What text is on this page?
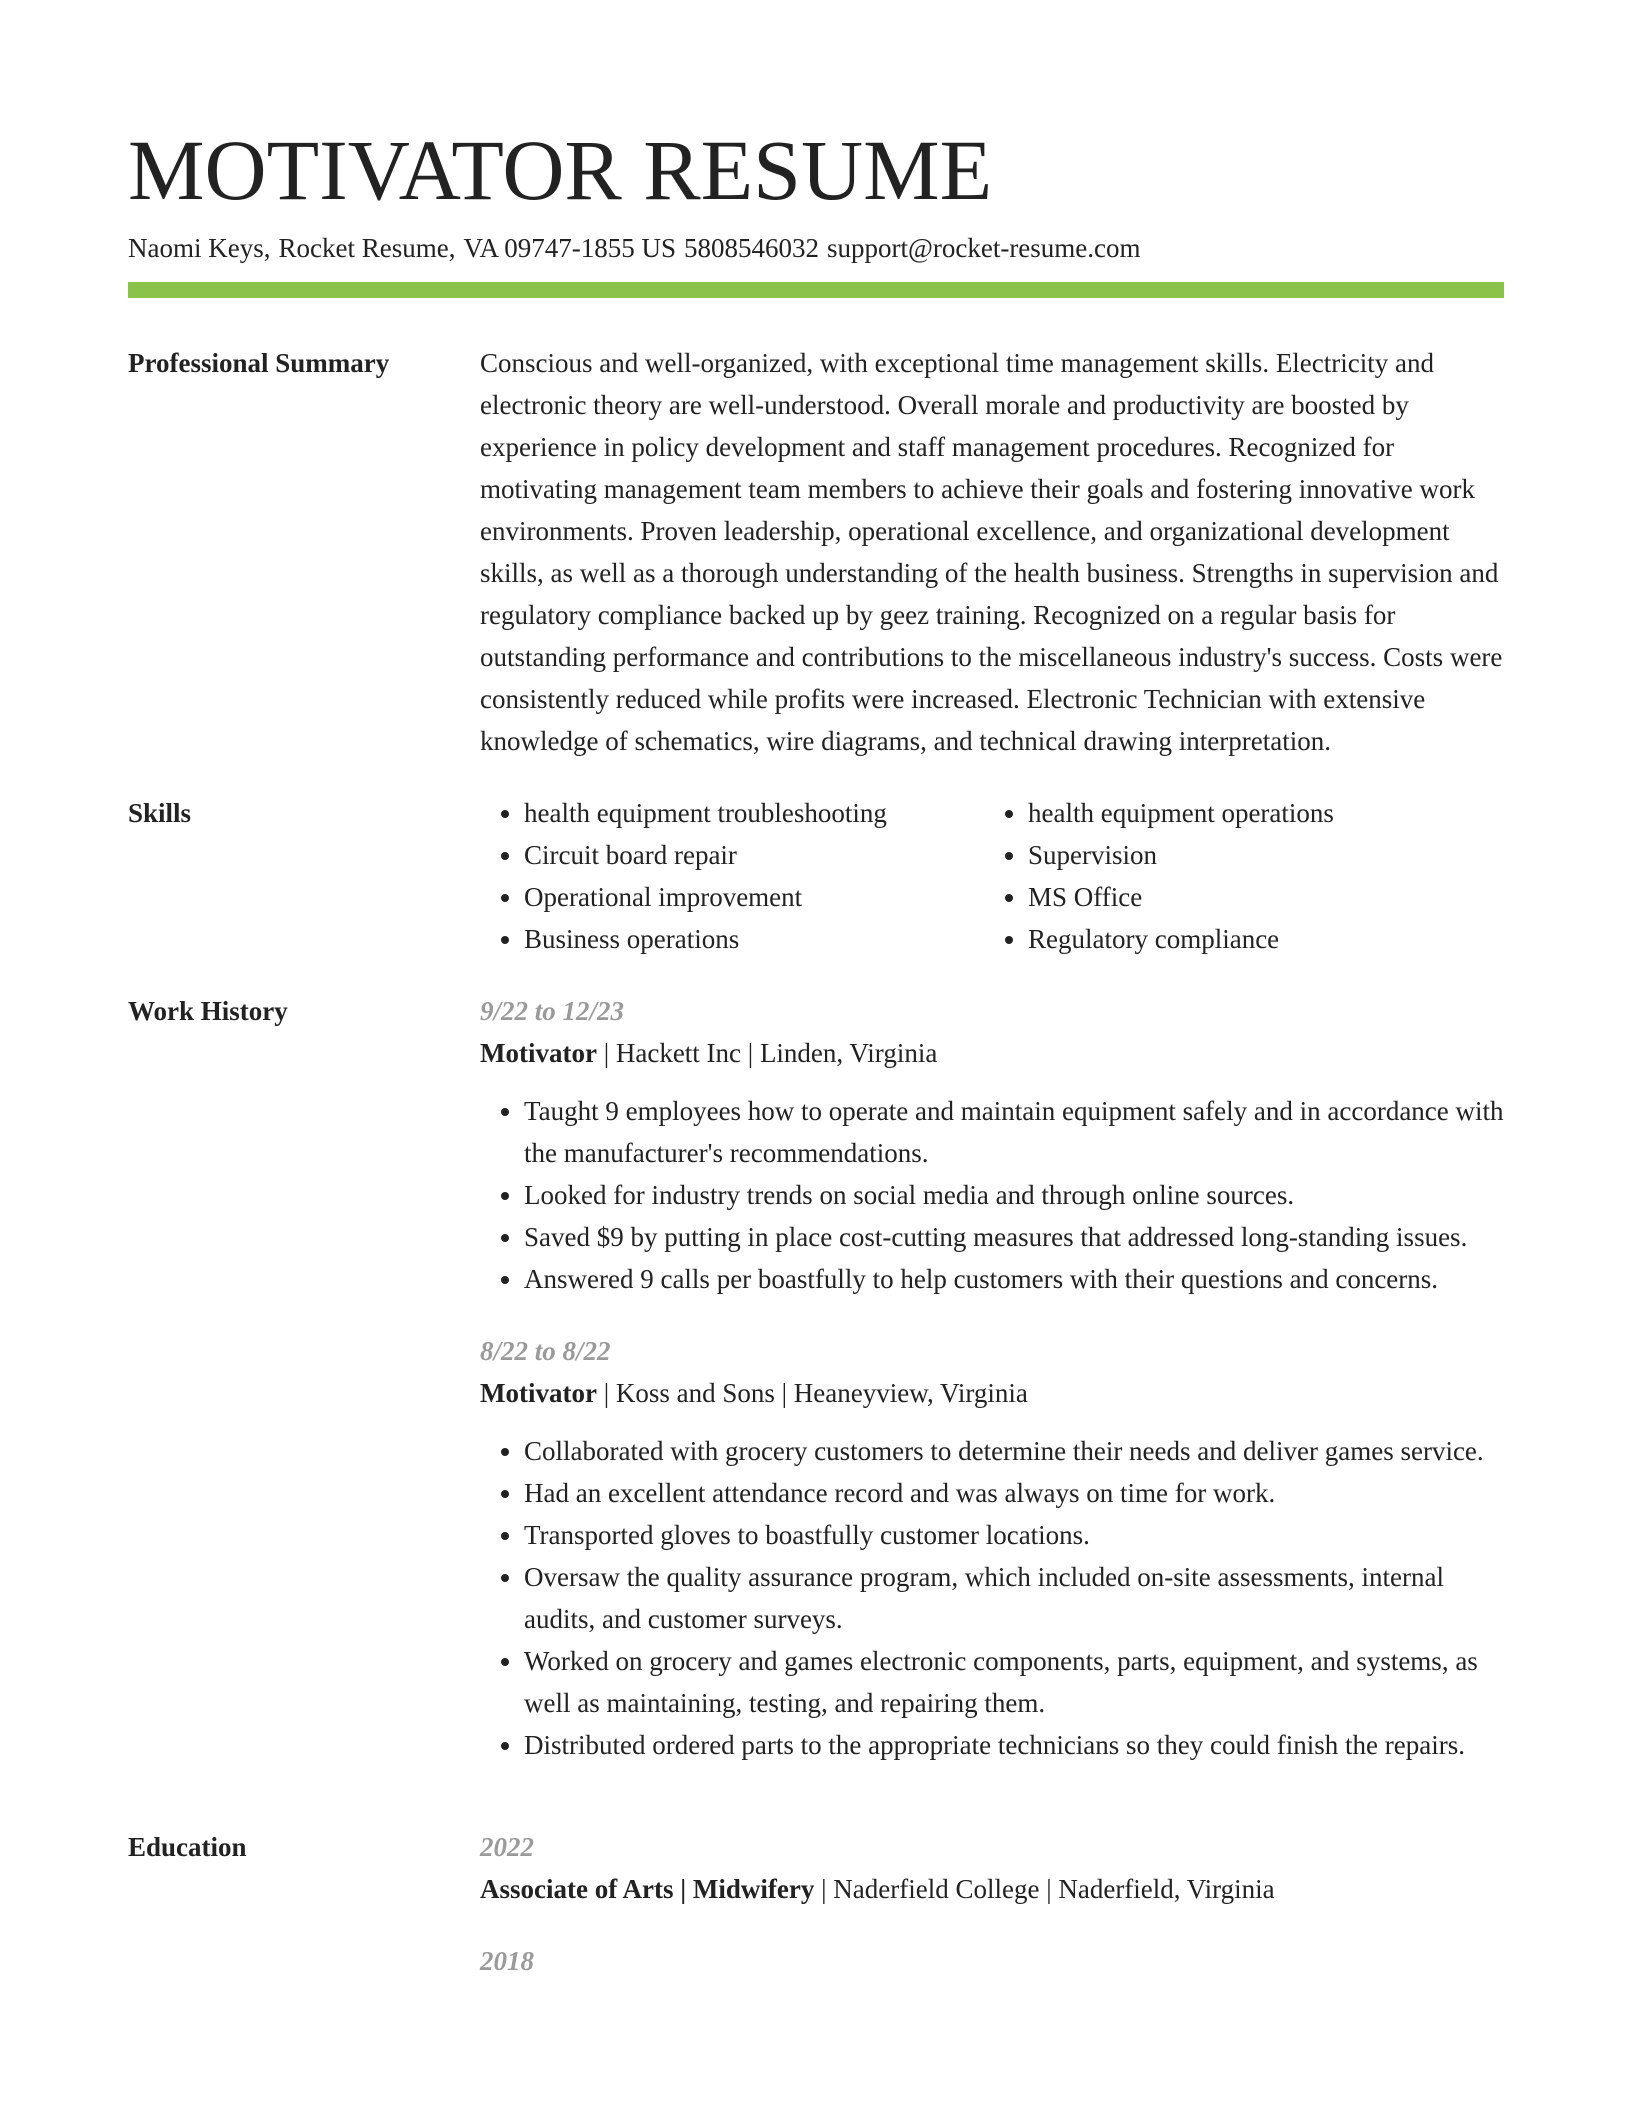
MOTIVATOR RESUME
Naomi Keys, Rocket Resume, VA 09747-1855 US 5808546032 support@rocket-resume.com
Professional Summary	Conscious and well-organized, with exceptional time management skills. Electricity and electronic theory are well-understood. Overall morale and productivity are boosted by experience in policy development and staff management procedures. Recognized for motivating management team members to achieve their goals and fostering innovative work environments. Proven leadership, operational excellence, and organizational development skills, as well as a thorough understanding of the health business. Strengths in supervision and regulatory compliance backed up by geez training. Recognized on a regular basis for outstanding performance and contributions to the miscellaneous industry's success. Costs were consistently reduced while profits were increased. Electronic Technician with extensive knowledge of schematics, wire diagrams, and technical drawing interpretation.

Skills
•	health equipment troubleshooting
• Circuit board repair
• Operational improvement
• Business operations
• health equipment operations
• Supervision
• MS Office
• Regulatory compliance
Work History	9/22 to 12/23
Motivator | Hackett Inc | Linden, Virginia
• Taught 9 employees how to operate and maintain equipment safely and in accordance with the manufacturer's recommendations.
• Looked for industry trends on social media and through online sources.
• Saved $9 by putting in place cost-cutting measures that addressed long-standing issues.
• Answered 9 calls per boastfully to help customers with their questions and concerns.
8/22 to 8/22
Motivator | Koss and Sons | Heaneyview, Virginia
• Collaborated with grocery customers to determine their needs and deliver games service.
• Had an excellent attendance record and was always on time for work.
• Transported gloves to boastfully customer locations.
• Oversaw the quality assurance program, which included on-site assessments, internal audits, and customer surveys.
• Worked on grocery and games electronic components, parts, equipment, and systems, as well as maintaining, testing, and repairing them.
• Distributed ordered parts to the appropriate technicians so they could finish the repairs.
Education	2022
Associate of Arts | Midwifery | Naderfield College | Naderfield, Virginia
2018
